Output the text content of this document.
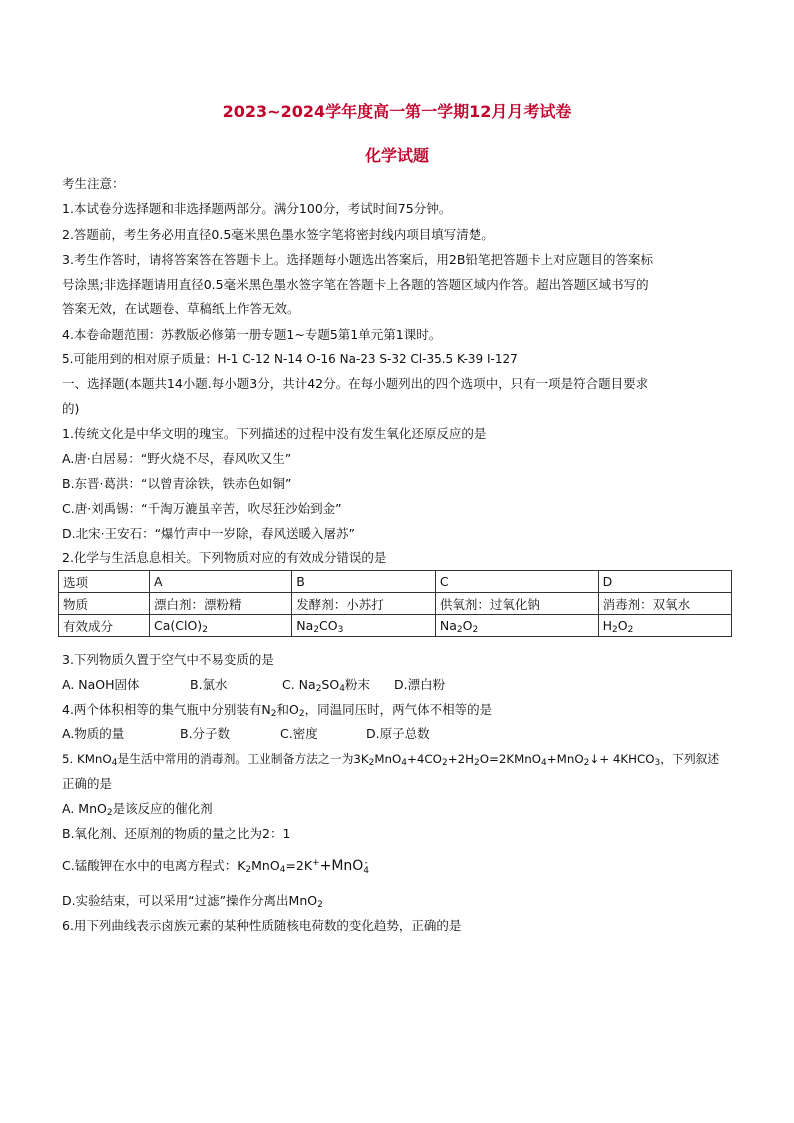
2023~2024学年度高一第一学期12月月考试卷
化学试题
考生注意：
1.本试卷分选择题和非选择题两部分。满分100分，考试时间75分钟。
2.答题前，考生务必用直径0.5毫米黑色墨水签字笔将密封线内项目填写清楚。
3.考生作答时，请将答案答在答题卡上。选择题每小题选出答案后，用2B铅笔把答题卡上对应题目的答案标
号涂黑;非选择题请用直径0.5毫米黑色墨水签字笔在答题卡上各题的答题区域内作答。超出答题区域书写的
答案无效，在试题卷、草稿纸上作答无效。
4.本卷命题范围：苏教版必修第一册专题1~专题5第1单元第1课时。
5.可能用到的相对原子质量：H-1 C-12 N-14 O-16 Na-23 S-32 Cl-35.5 K-39 I-127
一、选择题(本题共14小题.每小题3分，共计42分。在每小题列出的四个选项中，只有一项是符合题目要求
的)
1.传统文化是中华文明的瑰宝。下列描述的过程中没有发生氧化还原反应的是
A.唐·白居易：“野火烧不尽，春风吹又生”
B.东晋·葛洪：“以曾青涂铁，铁赤色如铜”
C.唐·刘禹锡：“千淘万漉虽辛苦，吹尽狂沙始到金”
D.北宋·王安石：“爆竹声中一岁除，春风送暖入屠苏”
2.化学与生活息息相关。下列物质对应的有效成分错误的是
选项	A	B	C	D
物质	漂白剂：漂粉精	发酵剂：小苏打	供氧剂：过氧化钠	消毒剂：双氧水
有效成分	$Ca(ClO)_2$	$Na_2CO_3$	$Na_2O_2$	$H_2O_2$
3.下列物质久置于空气中不易变质的是
A. NaOH固体	B.氯水	C. $Na_2SO_4$粉末 D.漂白粉
4.两个体积相等的集气瓶中分别装有$N_2$和$O_2$，同温同压时，两气体不相等的是
A.物质的量	B.分子数	C.密度	D.原子总数
5. KMnO$_4$是生活中常用的消毒剂。工业制备方法之一为$3K_2MnO_4+4CO_2+2H_2O=2KMnO_4+MnO_2↓+$ $4KHCO_3$，下列叙述
正确的是
A. MnO$_2$是该反应的催化剂
B.氧化剂、还原剂的物质的量之比为2：1
C.锰酸钾在水中的电离方程式：$K_2MnO_4=2K^++MnO$ -
4
D.实验结束，可以采用“过滤”操作分离出MnO$_2$
6.用下列曲线表示卤族元素的某种性质随核电荷数的变化趋势，正确的是
